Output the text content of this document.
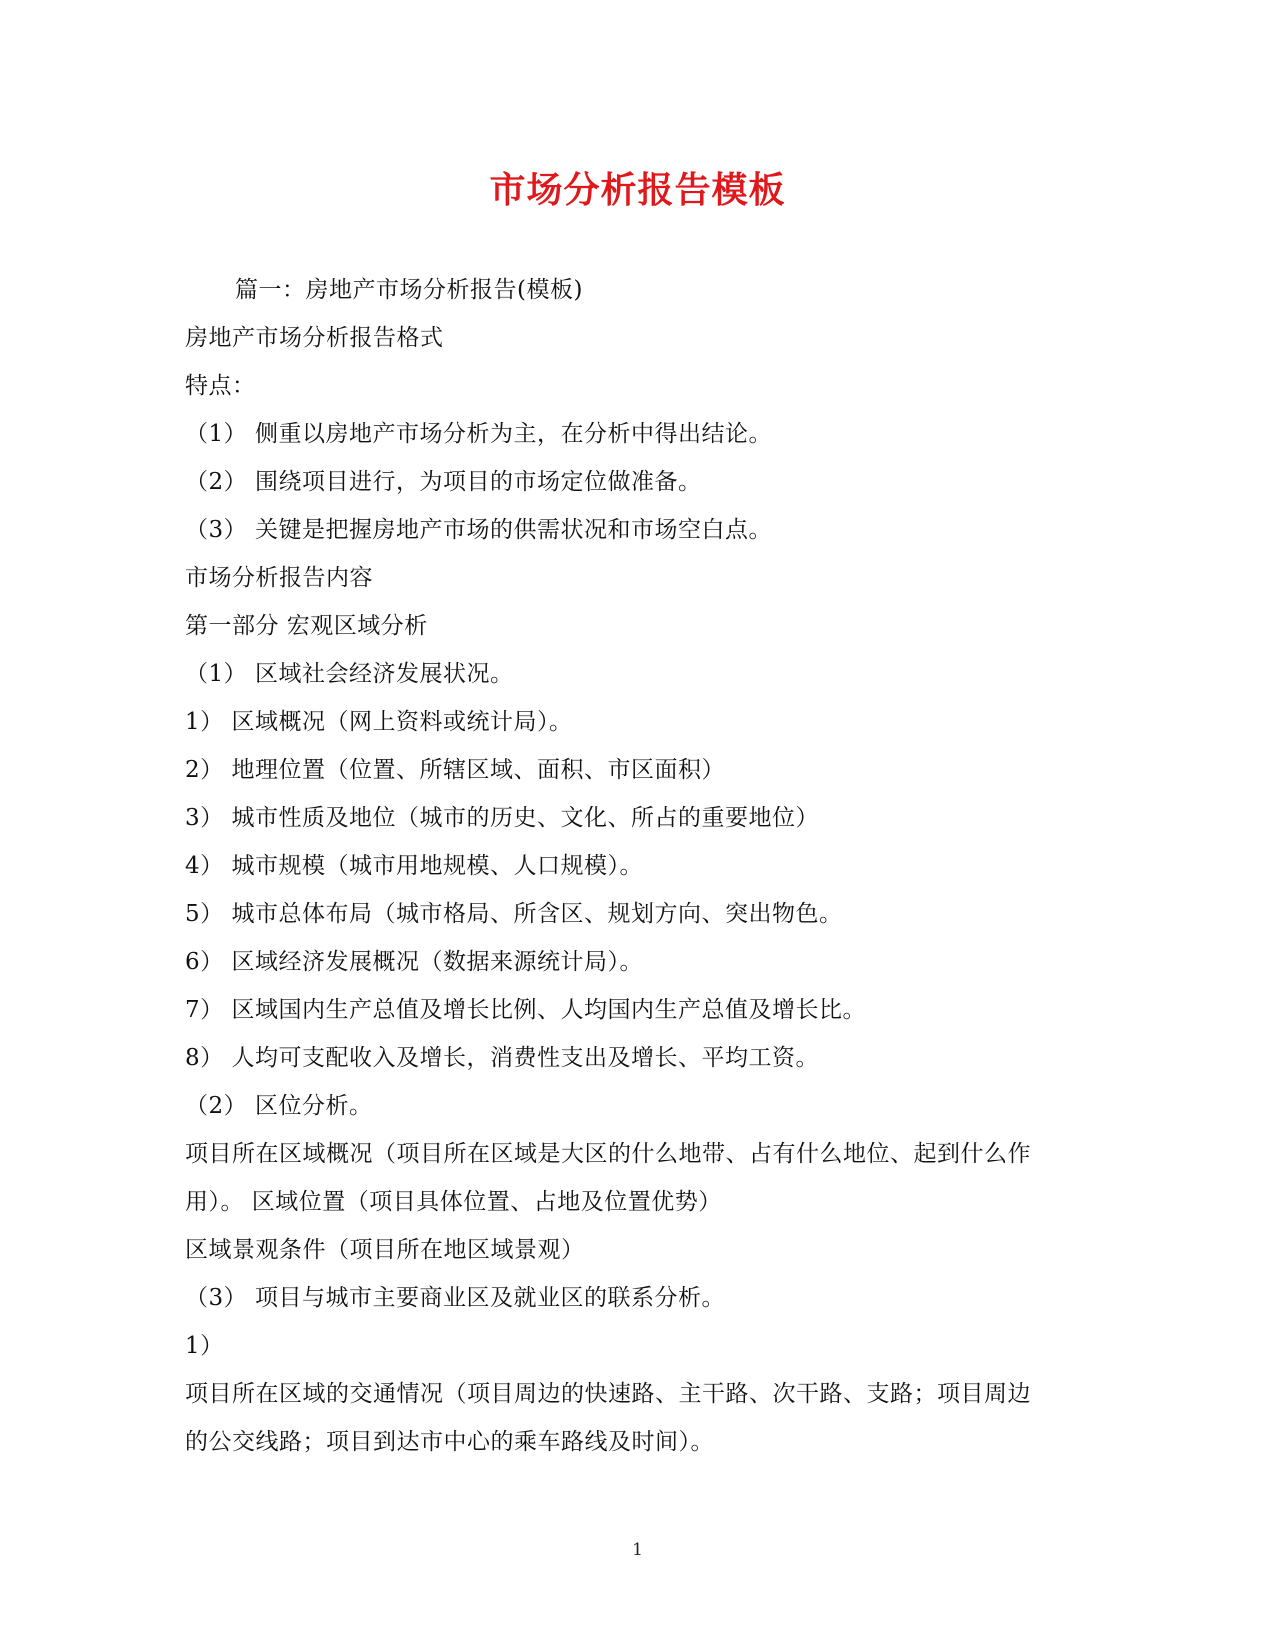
市场分析报告模板
篇一：房地产市场分析报告(模板)
房地产市场分析报告格式
特点：
（1） 侧重以房地产市场分析为主，在分析中得出结论。
（2） 围绕项目进行，为项目的市场定位做准备。
（3） 关键是把握房地产市场的供需状况和市场空白点。
市场分析报告内容
第一部分 宏观区域分析
（1） 区域社会经济发展状况。
1） 区域概况（网上资料或统计局）。
2） 地理位置（位置、所辖区域、面积、市区面积）
3） 城市性质及地位（城市的历史、文化、所占的重要地位）
4） 城市规模（城市用地规模、人口规模）。
5） 城市总体布局（城市格局、所含区、规划方向、突出物色。
6） 区域经济发展概况（数据来源统计局）。
7） 区域国内生产总值及增长比例、人均国内生产总值及增长比。
8） 人均可支配收入及增长，消费性支出及增长、平均工资。
（2） 区位分析。
项目所在区域概况（项目所在区域是大区的什么地带、占有什么地位、起到什么作
用）。 区域位置（项目具体位置、占地及位置优势）
区域景观条件（项目所在地区域景观）
（3） 项目与城市主要商业区及就业区的联系分析。
1）
项目所在区域的交通情况（项目周边的快速路、主干路、次干路、支路；项目周边
的公交线路；项目到达市中心的乘车路线及时间）。
1
